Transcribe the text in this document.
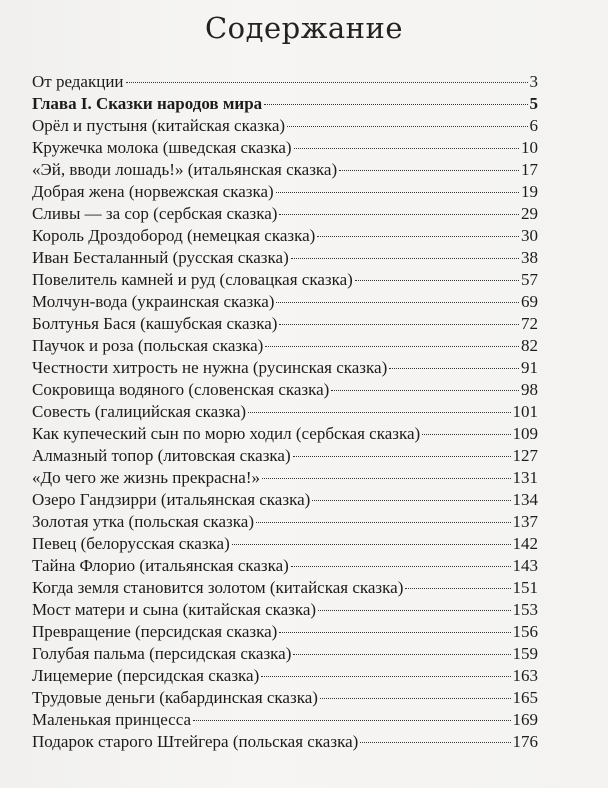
Содержание
От редакции	3
Глава I. Сказки народов мира	5
Орёл и пустыня (китайская сказка)	6
Кружечка молока (шведская сказка)	10
«Эй, вводи лошадь!» (итальянская сказка)	17
Добрая жена (норвежская сказка)	19
Сливы — за сор (сербская сказка)	29
Король Дроздобород (немецкая сказка)	30
Иван Бесталанный (русская сказка)	38
Повелитель камней и руд (словацкая сказка)	57
Молчун-вода (украинская сказка)	69
Болтунья Бася (кашубская сказка)	72
Паучок и роза (польская сказка)	82
Честности хитрость не нужна (русинская сказка)	91
Сокровища водяного (словенская сказка)	98
Совесть (галицийская сказка)	101
Как купеческий сын по морю ходил (сербская сказка)	109
Алмазный топор (литовская сказка)	127
«До чего же жизнь прекрасна!»	131
Озеро Гандзирри (итальянская сказка)	134
Золотая утка (польская сказка)	137
Певец (белорусская сказка)	142
Тайна Флорио (итальянская сказка)	143
Когда земля становится золотом (китайская сказка)	151
Мост матери и сына (китайская сказка)	153
Превращение (персидская сказка)	156
Голубая пальма (персидская сказка)	159
Лицемерие (персидская сказка)	163
Трудовые деньги (кабардинская сказка)	165
Маленькая принцесса	169
Подарок старого Штейгера (польская сказка)	176
